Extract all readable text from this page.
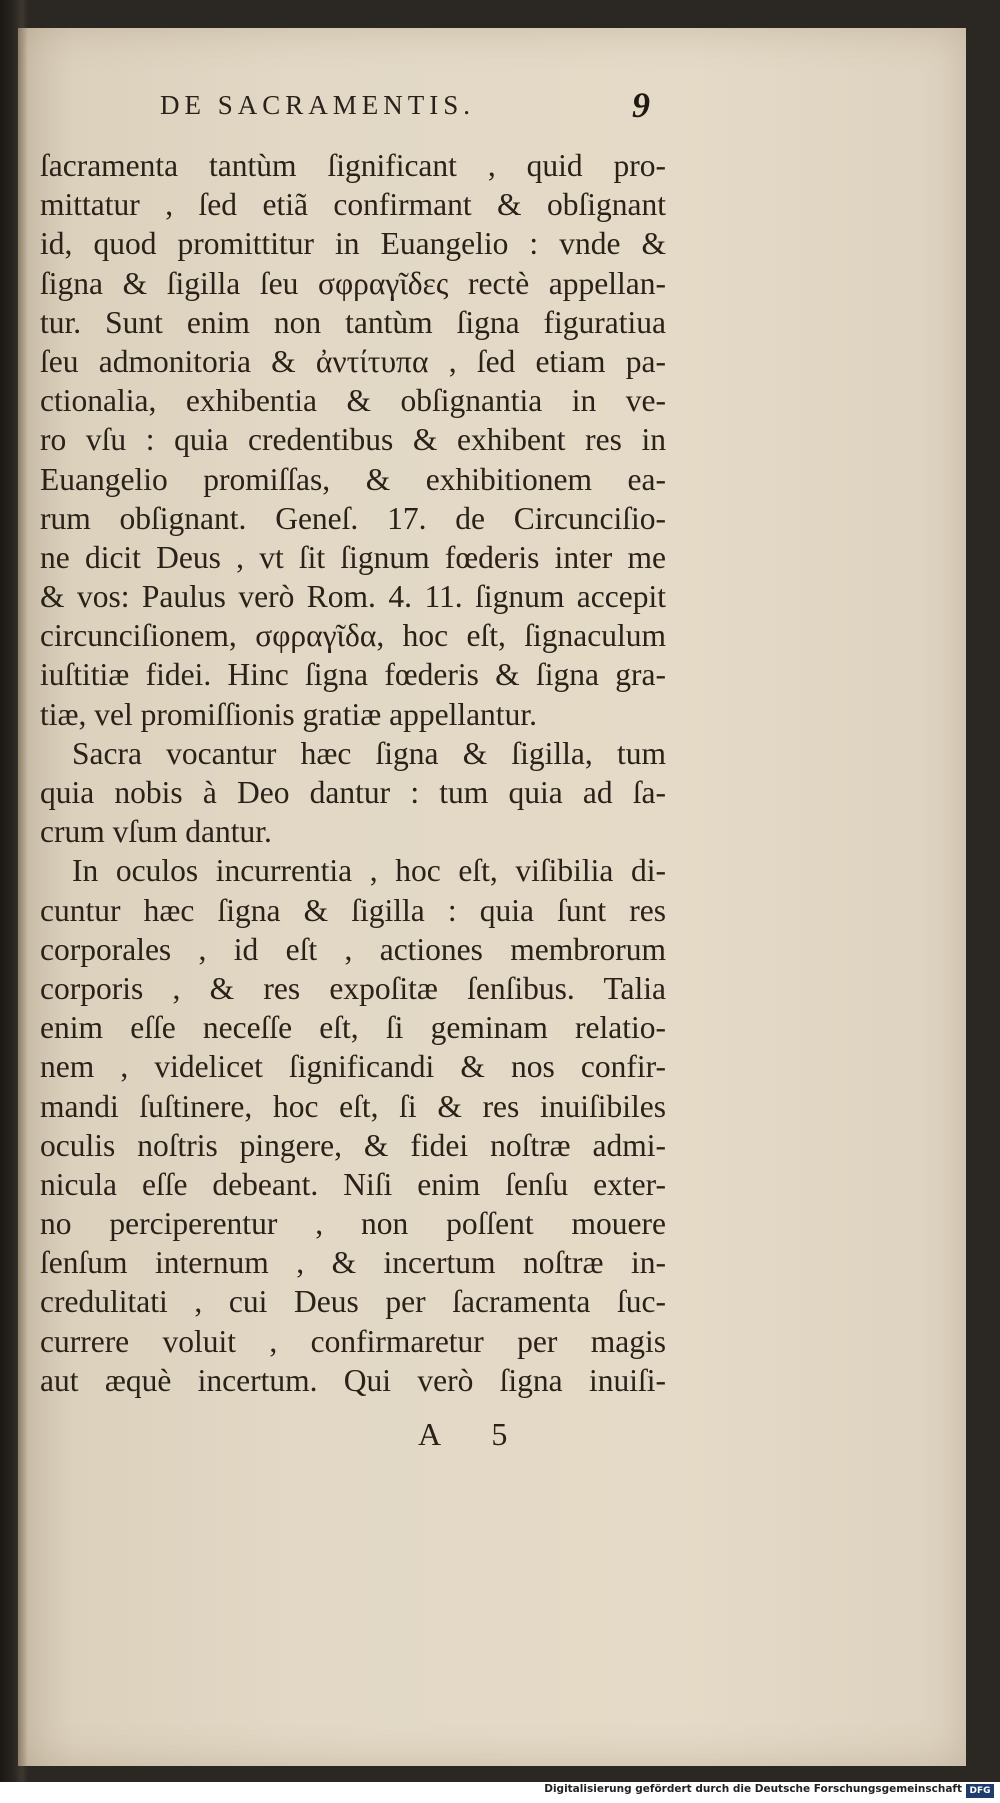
DE SACRAMENTIS.	9
ſacramenta tantùm ſignificant , quid pro-
mittatur , ſed etiã confirmant & obſignant
id, quod promittitur in Euangelio : vnde &
ſigna & ſigilla ſeu σφραγῖδες rectè appellan-
tur. Sunt enim non tantùm ſigna figuratiua
ſeu admonitoria & ἀντίτυπα , ſed etiam pa-
ctionalia, exhibentia & obſignantia in ve-
ro vſu : quia credentibus & exhibent res in
Euangelio promiſſas, & exhibitionem ea-
rum obſignant. Geneſ. 17. de Circunciſio-
ne dicit Deus , vt ſit ſignum fœderis inter me
& vos: Paulus verò Rom. 4. 11. ſignum accepit
circunciſionem, σφραγῖδα, hoc eſt, ſignaculum
iuſtitiæ fidei. Hinc ſigna fœderis & ſigna gra-
tiæ, vel promiſſionis gratiæ appellantur.
Sacra vocantur hæc ſigna & ſigilla, tum
quia nobis à Deo dantur : tum quia ad ſa-
crum vſum dantur.
In oculos incurrentia , hoc eſt, viſibilia di-
cuntur hæc ſigna & ſigilla : quia ſunt res
corporales , id eſt , actiones membrorum
corporis , & res expoſitæ ſenſibus. Talia
enim eſſe neceſſe eſt, ſi geminam relatio-
nem , videlicet ſignificandi & nos confir-
mandi ſuſtinere, hoc eſt, ſi & res inuiſibiles
oculis noſtris pingere, & fidei noſtræ admi-
nicula eſſe debeant. Niſi enim ſenſu exter-
no perciperentur , non poſſent mouere
ſenſum internum , & incertum noſtræ in-
credulitati , cui Deus per ſacramenta ſuc-
currere voluit , confirmaretur per magis
aut æquè incertum. Qui verò ſigna inuiſi-
A 5
Digitalisierung gefördert durch die Deutsche Forschungsgemeinschaft DFG
